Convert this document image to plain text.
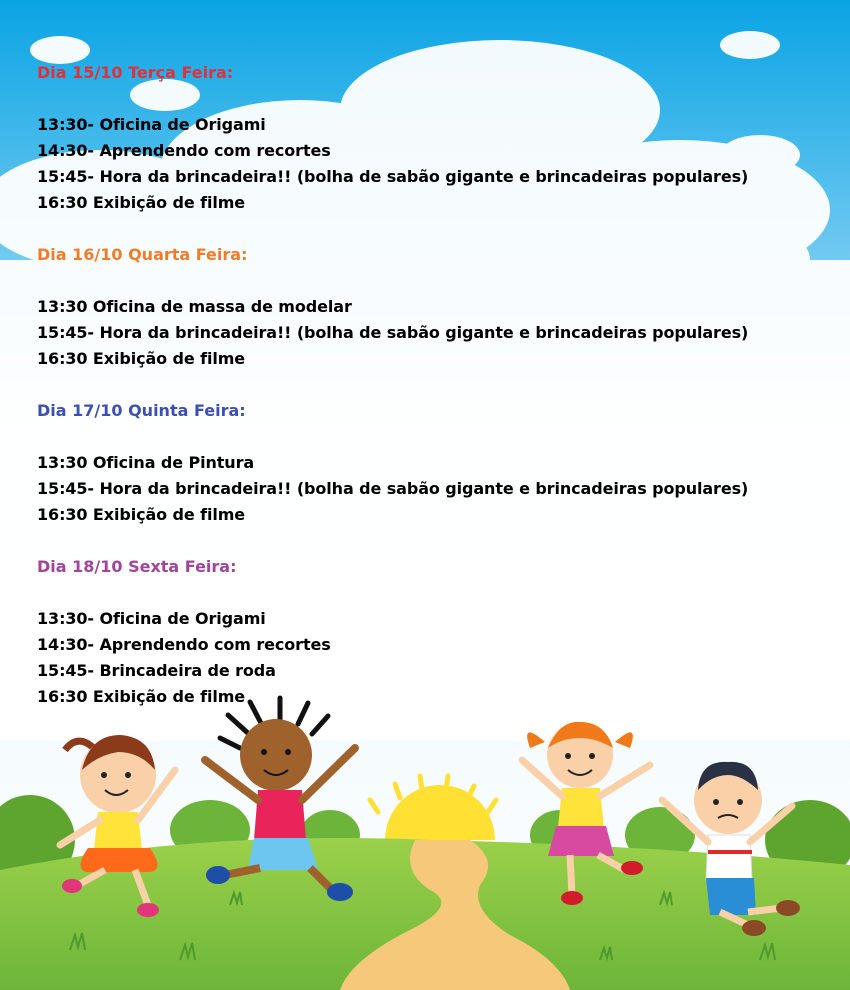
Dia 15/10 Terça Feira:
13:30- Oficina de Origami
14:30- Aprendendo com recortes
15:45- Hora da brincadeira!! (bolha de sabão gigante e brincadeiras populares)
16:30 Exibição de filme
Dia 16/10 Quarta Feira:
13:30 Oficina de massa de modelar
15:45- Hora da brincadeira!! (bolha de sabão gigante e brincadeiras populares)
16:30 Exibição de filme
Dia 17/10 Quinta Feira:
13:30 Oficina de Pintura
15:45- Hora da brincadeira!! (bolha de sabão gigante e brincadeiras populares)
16:30 Exibição de filme
Dia 18/10 Sexta Feira:
13:30- Oficina de Origami
14:30- Aprendendo com recortes
15:45- Brincadeira de roda
16:30 Exibição de filme
